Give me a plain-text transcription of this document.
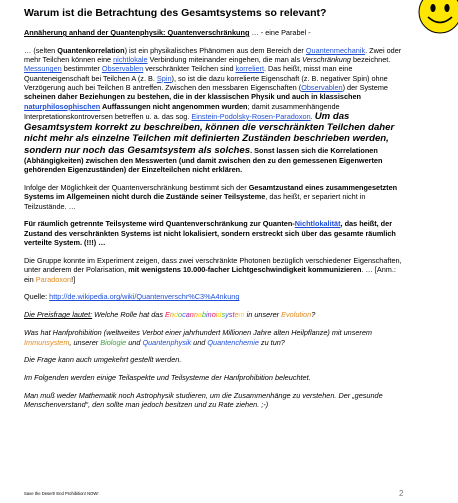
Warum ist die Betrachtung des Gesamtsystems so relevant?

Annäherung anhand der Quantenphysik: Quantenverschränkung … - eine Parabel -

… (selten Quantenkorrelation) ist ein physikalisches Phänomen aus dem Bereich der Quantenmechanik. Zwei oder mehr Teilchen können eine nichtlokale Verbindung miteinander eingehen, die man als Verschränkung bezeichnet. Messungen bestimmter Observablen verschränkter Teilchen sind korreliert. Das heißt, misst man eine Quanteneigenschaft bei Teilchen A (z. B. Spin), so ist die dazu korrelierte Eigenschaft (z. B. negativer Spin) ohne Verzögerung auch bei Teilchen B antreffen. Zwischen den messbaren Eigenschaften (Observablen) der Systeme scheinen daher Beziehungen zu bestehen, die in der klassischen Physik und auch in klassischen naturphilosophischen Auffassungen nicht angenommen wurden; damit zusammenhängende Interpretationskontroversen betreffen u. a. das sog. Einstein-Podolsky-Rosen-Paradoxon. Um das Gesamtsystem korrekt zu beschreiben, können die verschränkten Teilchen daher nicht mehr als einzelne Teilchen mit definierten Zuständen beschrieben werden, sondern nur noch das Gesamtsystem als solches. Sonst lassen sich die Korrelationen (Abhängigkeiten) zwischen den Messwerten (und damit zwischen den zu den gemessenen Eigenwerten gehörenden Eigenzuständen) der Einzelteilchen nicht erklären.

Infolge der Möglichkeit der Quantenverschränkung bestimmt sich der Gesamtzustand eines zusammengesetzten Systems im Allgemeinen nicht durch die Zustände seiner Teilsysteme, das heißt, er separiert nicht in Teilzustände. …

Für räumlich getrennte Teilsysteme wird Quantenverschränkung zur Quanten-Nichtlokalität, das heißt, der Zustand des verschränkten Systems ist nicht lokalisiert, sondern erstreckt sich über das gesamte räumlich verteilte System. (!!!) …

Die Gruppe konnte im Experiment zeigen, dass zwei verschränkte Photonen bezüglich verschiedener Eigenschaften, unter anderem der Polarisation, mit wenigstens 10.000-facher Lichtgeschwindigkeit kommunizieren. … [Anm.: ein Paradoxon!]

Quelle: http://de.wikipedia.org/wiki/Quantenverschr%C3%A4nkung

Die Preisfrage lautet: Welche Rolle hat das Endocannabinoidsystem in unserer Evolution?

Was hat Hanfprohibition (weltweites Verbot einer jahrhundert Millionen Jahre alten Heilpflanze) mit unserem Immunsystem, unserer Biologie und Quantenphysik und Quantenchemie zu tun?

Die Frage kann auch umgekehrt gestellt werden.

Im Folgenden werden einige Teilaspekte und Teilsysteme der Hanfprohibition beleuchtet.

Man muß weder Mathematik noch Astrophysik studieren, um die Zusammenhänge zu verstehen. Der „gesunde Menschenverstand“, den sollte man jedoch besitzen und zu Rate ziehen. ;-)

Save the Desert! End Prohibition! NOW!	2
